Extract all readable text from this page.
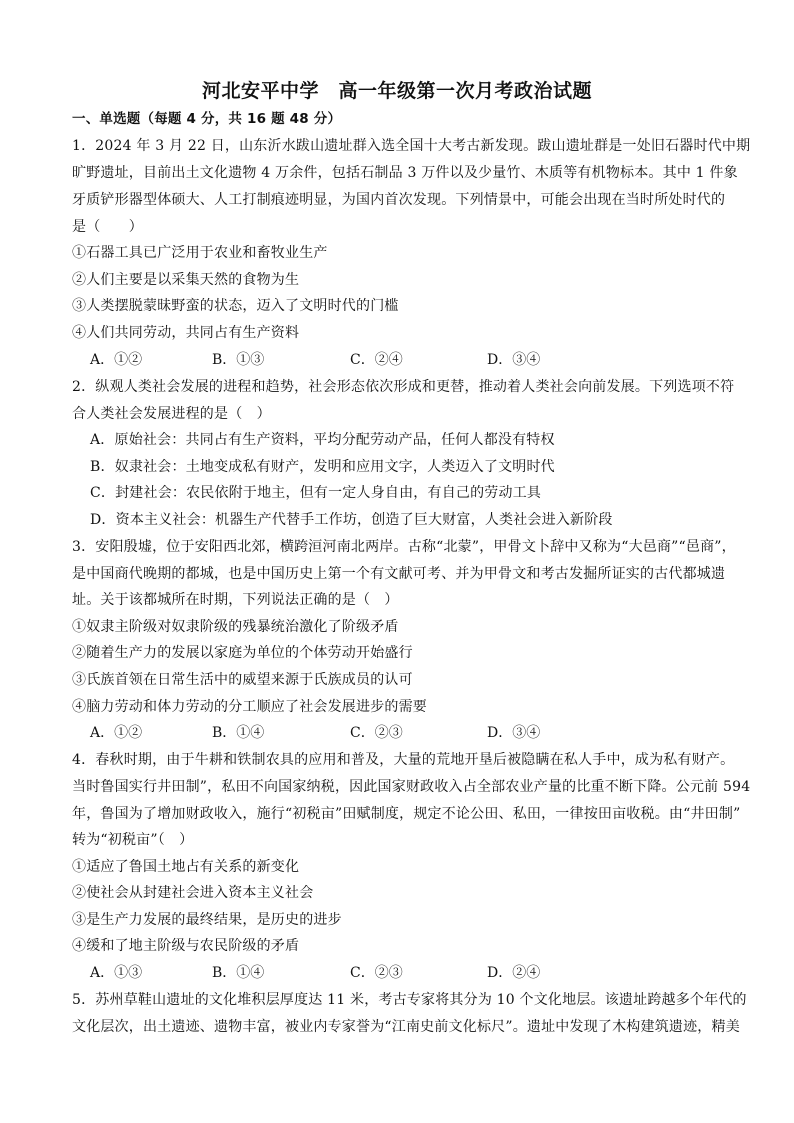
河北安平中学　高一年级第一次月考政治试题
一、单选题（每题 4 分，共 16 题 48 分）
1．2024 年 3 月 22 日，山东沂水跋山遗址群入选全国十大考古新发现。跋山遗址群是一处旧石器时代中期
旷野遗址，目前出土文化遗物 4 万余件，包括石制品 3 万件以及少量竹、木质等有机物标本。其中 1 件象
牙质铲形器型体硕大、人工打制痕迹明显，为国内首次发现。下列情景中，可能会出现在当时所处时代的
是（　　）
①石器工具已广泛用于农业和畜牧业生产
②人们主要是以采集天然的食物为生
③人类摆脱蒙昧野蛮的状态，迈入了文明时代的门槛
④人们共同劳动，共同占有生产资料
A．①②	B．①③	C．②④	D．③④
2．纵观人类社会发展的进程和趋势，社会形态依次形成和更替，推动着人类社会向前发展。下列选项不符
合人类社会发展进程的是（　）
A．原始社会：共同占有生产资料，平均分配劳动产品，任何人都没有特权
B．奴隶社会：土地变成私有财产，发明和应用文字，人类迈入了文明时代
C．封建社会：农民依附于地主，但有一定人身自由，有自己的劳动工具
D．资本主义社会：机器生产代替手工作坊，创造了巨大财富，人类社会进入新阶段
3．安阳殷墟，位于安阳西北郊，横跨洹河南北两岸。古称“北蒙”，甲骨文卜辞中又称为“大邑商”“邑商”，
是中国商代晚期的都城，也是中国历史上第一个有文献可考、并为甲骨文和考古发掘所证实的古代都城遗
址。关于该都城所在时期，下列说法正确的是（　）
①奴隶主阶级对奴隶阶级的残暴统治激化了阶级矛盾
②随着生产力的发展以家庭为单位的个体劳动开始盛行
③氏族首领在日常生活中的威望来源于氏族成员的认可
④脑力劳动和体力劳动的分工顺应了社会发展进步的需要
A．①②	B．①④	C．②③	D．③④
4．春秋时期，由于牛耕和铁制农具的应用和普及，大量的荒地开垦后被隐瞒在私人手中，成为私有财产。
当时鲁国实行井田制”，私田不向国家纳税，因此国家财政收入占全部农业产量的比重不断下降。公元前 594
年，鲁国为了增加财政收入，施行“初税亩”田赋制度，规定不论公田、私田，一律按田亩收税。由“井田制”
转为“初税亩”（　）
①适应了鲁国土地占有关系的新变化
②使社会从封建社会进入资本主义社会
③是生产力发展的最终结果，是历史的进步
④缓和了地主阶级与农民阶级的矛盾
A．①③	B．①④	C．②③	D．②④
5．苏州草鞋山遗址的文化堆积层厚度达 11 米，考古专家将其分为 10 个文化地层。该遗址跨越多个年代的
文化层次，出土遗迹、遗物丰富，被业内专家誉为“江南史前文化标尺”。遗址中发现了木构建筑遗迹，精美
